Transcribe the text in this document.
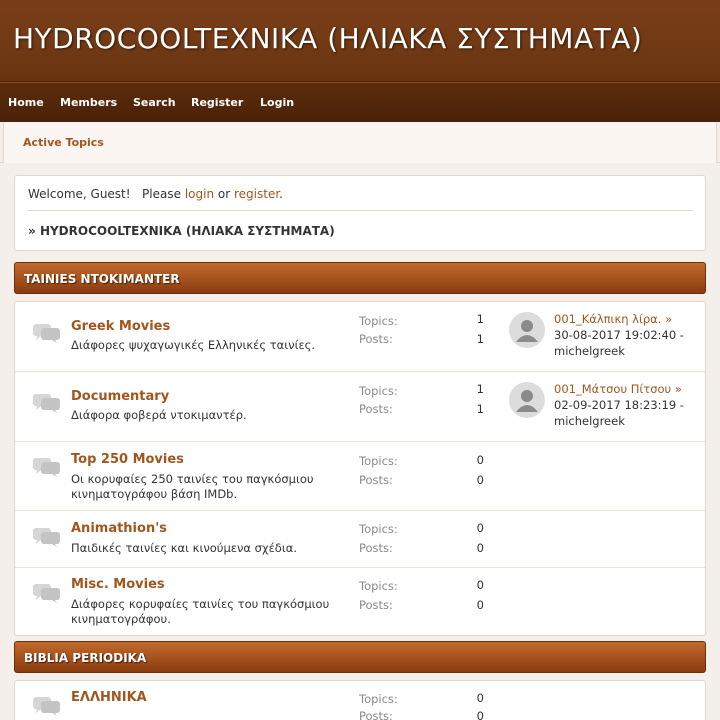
HYDROCOOLTEXNIKA (ΗΛΙΑΚΑ ΣΥΣΤΗΜΑΤΑ)
Home Members Search Register Login
Active Topics
Welcome, Guest! Please login or register.
» HYDROCOOLTEXNIKA (ΗΛΙΑΚΑ ΣΥΣΤΗΜΑΤΑ)
TAINIES NTOKIMANTER
Greek Movies
Διάφορες ψυχαγωγικές Ελληνικές ταινίες.
Topics:	1
Posts:	1
001_Κάλπικη λίρα. »
30-08-2017 19:02:40 -
michelgreek
Documentary
Διάφορα φοβερά ντοκιμαντέρ.
Topics:	1
Posts:	1
001_Μάτσου Πίτσου »
02-09-2017 18:23:19 -
michelgreek
Top 250 Movies
Οι κορυφαίες 250 ταινίες του παγκόσμιου κινηματογράφου βάση IMDb.
Topics:	0
Posts:	0
Animathion's
Παιδικές ταινίες και κινούμενα σχέδια.
Topics:	0
Posts:	0
Misc. Movies
Διάφορες κορυφαίες ταινίες του παγκόσμιου κινηματογράφου.
Topics:	0
Posts:	0
BIBLIA PERIODIKA
ΕΛΛΗΝΙΚΑ	Topics:	0
Posts:	0
